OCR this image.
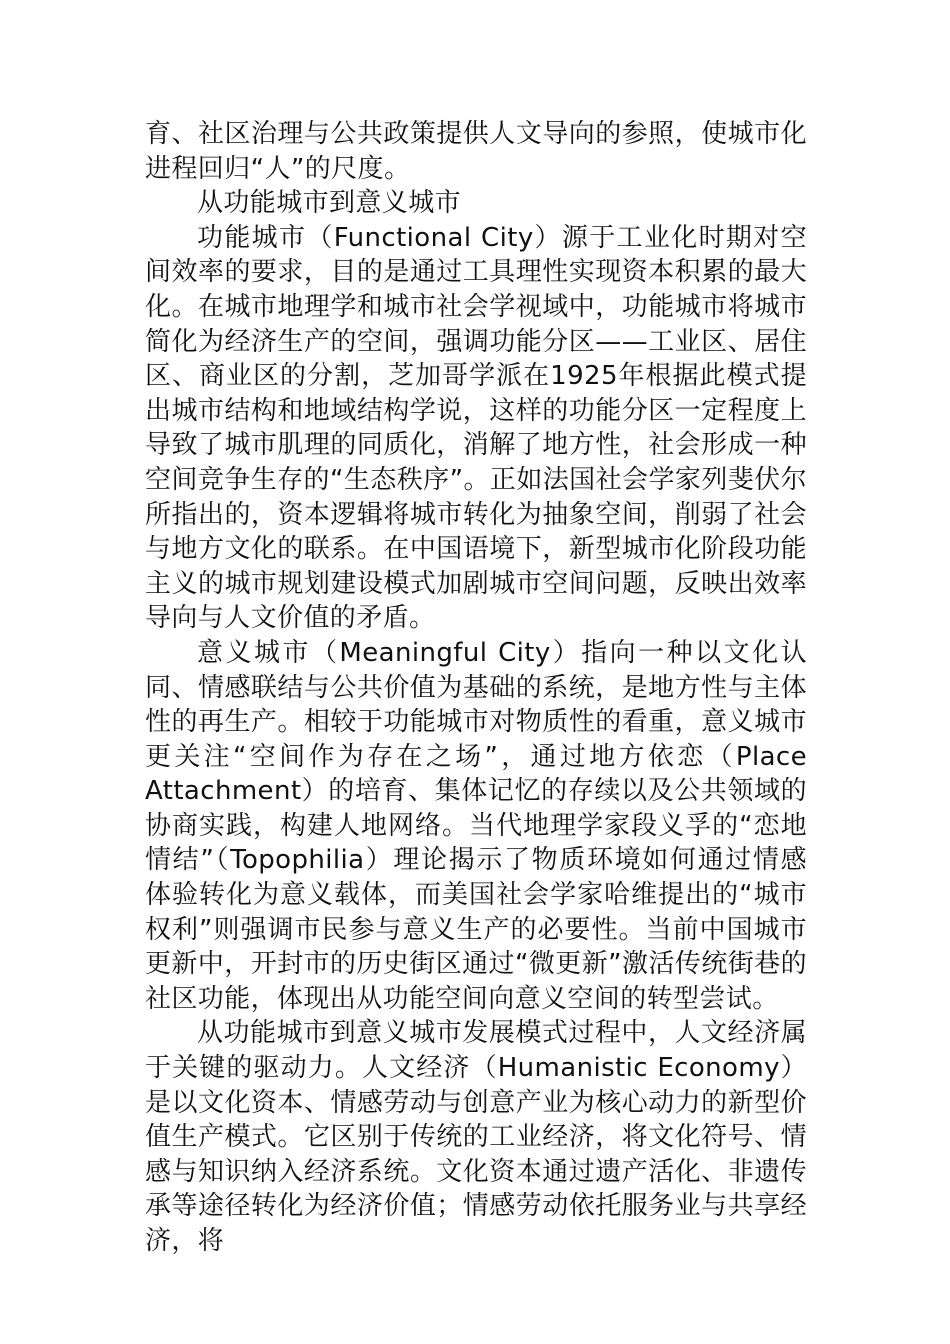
育、社区治理与公共政策提供人文导向的参照，使城市化进程回归“人”的尺度。

从功能城市到意义城市

功能城市（Functional City）源于工业化时期对空间效率的要求，目的是通过工具理性实现资本积累的最大化。在城市地理学和城市社会学视域中，功能城市将城市简化为经济生产的空间，强调功能分区——工业区、居住区、商业区的分割，芝加哥学派在1925年根据此模式提出城市结构和地域结构学说，这样的功能分区一定程度上导致了城市肌理的同质化，消解了地方性，社会形成一种空间竞争生存的“生态秩序”。正如法国社会学家列斐伏尔所指出的，资本逻辑将城市转化为抽象空间，削弱了社会与地方文化的联系。在中国语境下，新型城市化阶段功能主义的城市规划建设模式加剧城市空间问题，反映出效率导向与人文价值的矛盾。

意义城市（Meaningful City）指向一种以文化认同、情感联结与公共价值为基础的系统，是地方性与主体性的再生产。相较于功能城市对物质性的看重，意义城市更关注“空间作为存在之场”，通过地方依恋（Place Attachment）的培育、集体记忆的存续以及公共领域的协商实践，构建人地网络。当代地理学家段义孚的“恋地情结”（Topophilia）理论揭示了物质环境如何通过情感体验转化为意义载体，而美国社会学家哈维提出的“城市权利”则强调市民参与意义生产的必要性。当前中国城市更新中，开封市的历史街区通过“微更新”激活传统街巷的社区功能，体现出从功能空间向意义空间的转型尝试。

从功能城市到意义城市发展模式过程中，人文经济属于关键的驱动力。人文经济（Humanistic Economy）是以文化资本、情感劳动与创意产业为核心动力的新型价值生产模式。它区别于传统的工业经济，将文化符号、情感与知识纳入经济系统。文化资本通过遗产活化、非遗传承等途径转化为经济价值；情感劳动依托服务业与共享经济，将
